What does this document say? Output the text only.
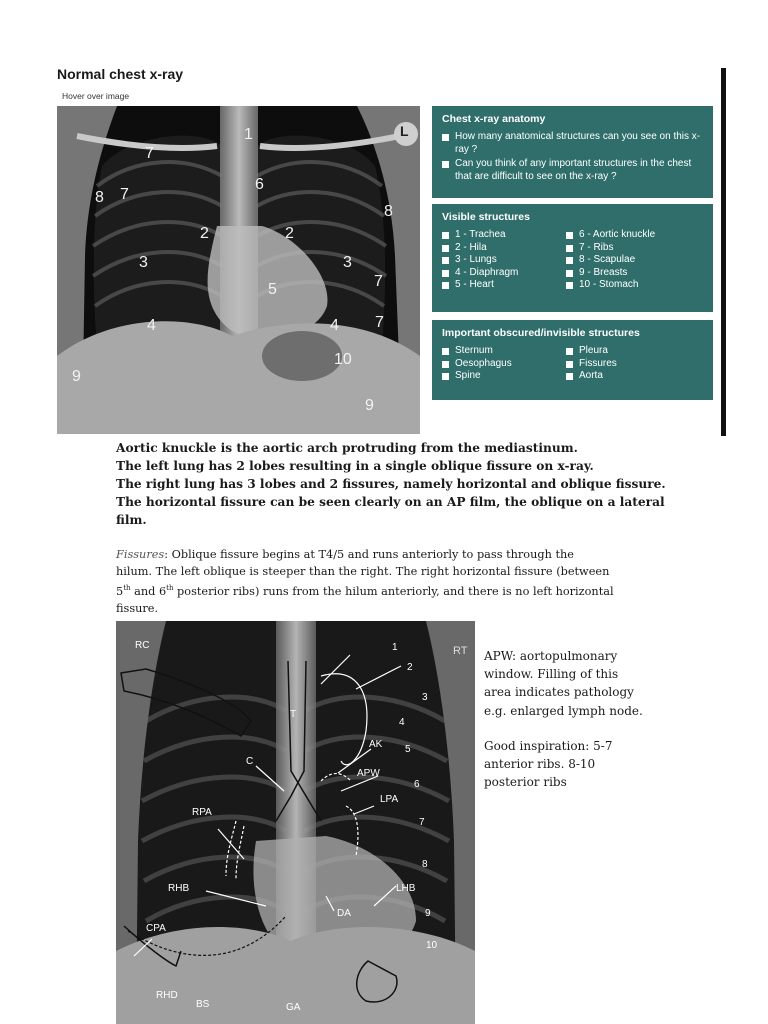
Normal chest x-ray
Hover over image
L
1
7
6
8 7
8
2	2
3	3
7
5
4	4 7
10
9
9
Chest x-ray anatomy
How many anatomical structures can you see on this x-ray ?
Can you think of any important structures in the chest that are difficult to see on the x-ray ?
Visible structures
1 - Trachea
2 - Hila
3 - Lungs
4 - Diaphragm
5 - Heart
6 - Aortic knuckle
7 - Ribs
8 - Scapulae
9 - Breasts
10 - Stomach
Important obscured/invisible structures
Sternum
Oesophagus
Spine
Pleura
Fissures
Aorta
Aortic knuckle is the aortic arch protruding from the mediastinum.
The left lung has 2 lobes resulting in a single oblique fissure on x-ray.
The right lung has 3 lobes and 2 fissures, namely horizontal and oblique fissure.
The horizontal fissure can be seen clearly on an AP film, the oblique on a lateral
film.
Fissures: Oblique fissure begins at T4/5 and runs anteriorly to pass through the
hilum. The left oblique is steeper than the right. The right horizontal fissure (between
5th and 6th posterior ribs) runs from the hilum anteriorly, and there is no left horizontal
fissure.
RT
RC
T
C
AK
APW
LPA
RPA
RHB	LHB
DA
CPA
RHD
BS	GA
1
2
3
4
5
6
7
8
9
10

APW: aortopulmonary window. Filling of this area indicates pathology e.g. enlarged lymph node.

Good inspiration: 5-7 anterior ribs. 8-10 posterior ribs
